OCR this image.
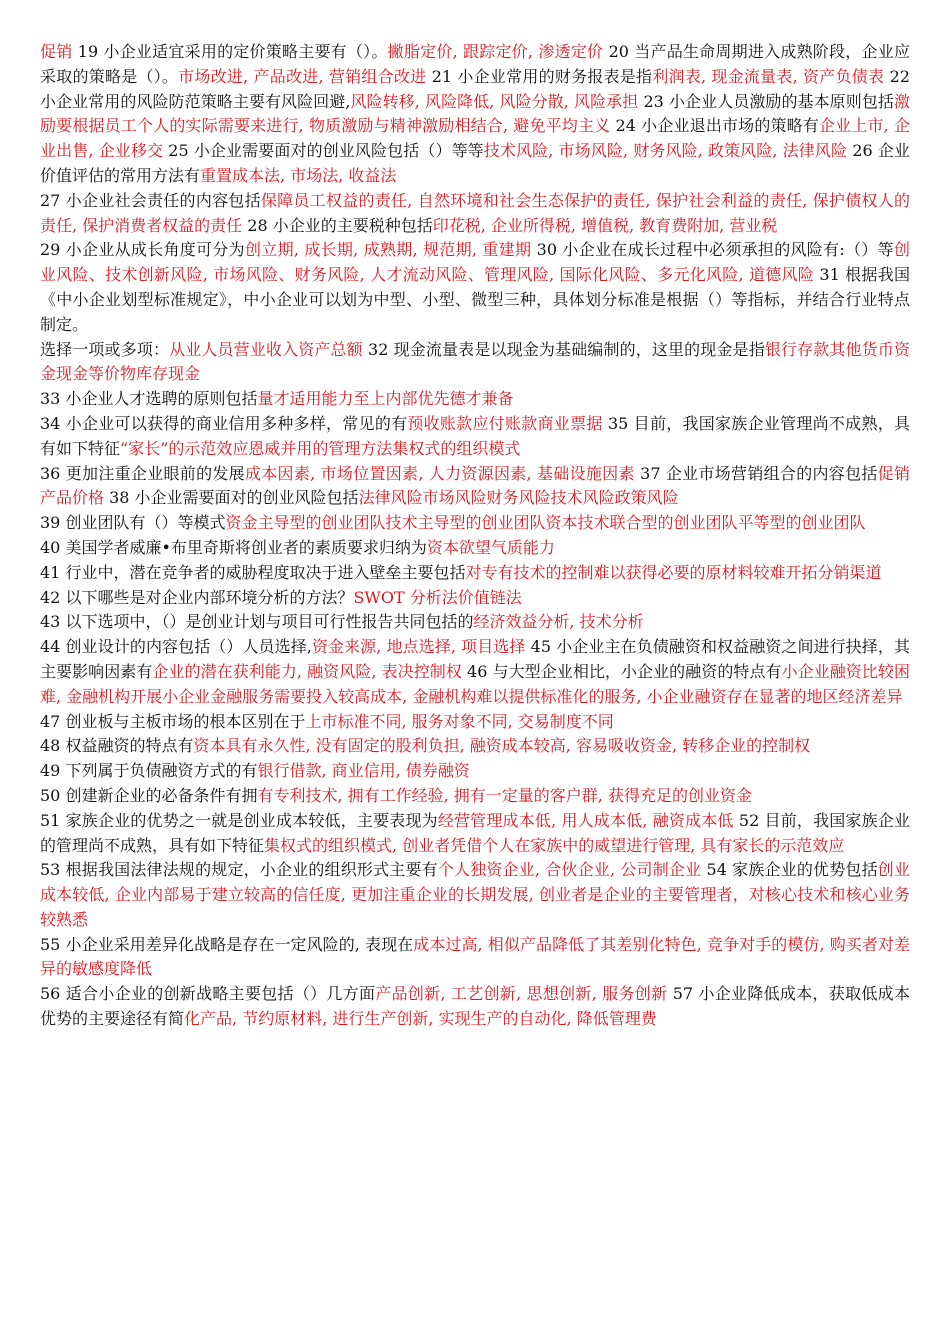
促销 19 小企业适宜采用的定价策略主要有（）。撇脂定价, 跟踪定价, 渗透定价 20 当产品生命周期进入成熟阶段，企业应采取的策略是（）。市场改进, 产品改进, 营销组合改进 21 小企业常用的财务报表是指利润表, 现金流量表, 资产负债表 22 小企业常用的风险防范策略主要有风险回避,风险转移, 风险降低, 风险分散, 风险承担 23 小企业人员激励的基本原则包括激励要根据员工个人的实际需要来进行, 物质激励与精神激励相结合, 避免平均主义 24 小企业退出市场的策略有企业上市, 企业出售, 企业移交 25 小企业需要面对的创业风险包括（）等等技术风险, 市场风险, 财务风险, 政策风险, 法律风险 26 企业价值评估的常用方法有重置成本法, 市场法, 收益法

27 小企业社会责任的内容包括保障员工权益的责任, 自然环境和社会生态保护的责任, 保护社会利益的责任, 保护债权人的责任, 保护消费者权益的责任 28 小企业的主要税种包括印花税, 企业所得税, 增值税, 教育费附加, 营业税

29 小企业从成长角度可分为创立期, 成长期, 成熟期, 规范期, 重建期 30 小企业在成长过程中必须承担的风险有:（）等创业风险、技术创新风险, 市场风险、财务风险, 人才流动风险、管理风险, 国际化风险、多元化风险, 道德风险 31 根据我国《中小企业划型标准规定》，中小企业可以划为中型、小型、微型三种，具体划分标准是根据（）等指标，并结合行业特点制定。

选择一项或多项：从业人员营业收入资产总额 32 现金流量表是以现金为基础编制的，这里的现金是指银行存款其他货币资金现金等价物库存现金

33 小企业人才选聘的原则包括量才适用能力至上内部优先德才兼备

34 小企业可以获得的商业信用多种多样，常见的有预收账款应付账款商业票据 35 目前，我国家族企业管理尚不成熟，具有如下特征“家长”的示范效应恩威并用的管理方法集权式的组织模式

36 更加注重企业眼前的发展成本因素, 市场位置因素, 人力资源因素, 基础设施因素 37 企业市场营销组合的内容包括促销产品价格 38 小企业需要面对的创业风险包括法律风险市场风险财务风险技术风险政策风险

39 创业团队有（）等模式资金主导型的创业团队技术主导型的创业团队资本技术联合型的创业团队平等型的创业团队

40 美国学者威廉•布里奇斯将创业者的素质要求归纳为资本欲望气质能力

41 行业中，潜在竞争者的威胁程度取决于进入壁垒主要包括对专有技术的控制难以获得必要的原材料较难开拓分销渠道

42 以下哪些是对企业内部环境分析的方法？SWOT 分析法价值链法

43 以下选项中，（）是创业计划与项目可行性报告共同包括的经济效益分析, 技术分析

44 创业设计的内容包括（）人员选择,资金来源, 地点选择, 项目选择 45 小企业主在负债融资和权益融资之间进行抉择，其主要影响因素有企业的潜在获利能力, 融资风险, 表决控制权 46 与大型企业相比，小企业的融资的特点有小企业融资比较困难, 金融机构开展小企业金融服务需要投入较高成本, 金融机构难以提供标准化的服务, 小企业融资存在显著的地区经济差异

47 创业板与主板市场的根本区别在于上市标准不同, 服务对象不同, 交易制度不同

48 权益融资的特点有资本具有永久性, 没有固定的股利负担, 融资成本较高, 容易吸收资金, 转移企业的控制权

49 下列属于负债融资方式的有银行借款, 商业信用, 债券融资

50 创建新企业的必备条件有拥有专利技术, 拥有工作经验, 拥有一定量的客户群, 获得充足的创业资金

51 家族企业的优势之一就是创业成本较低，主要表现为经营管理成本低, 用人成本低, 融资成本低 52 目前，我国家族企业的管理尚不成熟，具有如下特征集权式的组织模式, 创业者凭借个人在家族中的威望进行管理, 具有家长的示范效应

53 根据我国法律法规的规定，小企业的组织形式主要有个人独资企业, 合伙企业, 公司制企业 54 家族企业的优势包括创业成本较低, 企业内部易于建立较高的信任度, 更加注重企业的长期发展, 创业者是企业的主要管理者，对核心技术和核心业务较熟悉

55 小企业采用差异化战略是存在一定风险的, 表现在成本过高, 相似产品降低了其差别化特色, 竞争对手的模仿, 购买者对差异的敏感度降低

56 适合小企业的创新战略主要包括（）几方面产品创新, 工艺创新, 思想创新, 服务创新 57 小企业降低成本，获取低成本优势的主要途径有简化产品, 节约原材料, 进行生产创新, 实现生产的自动化, 降低管理费
